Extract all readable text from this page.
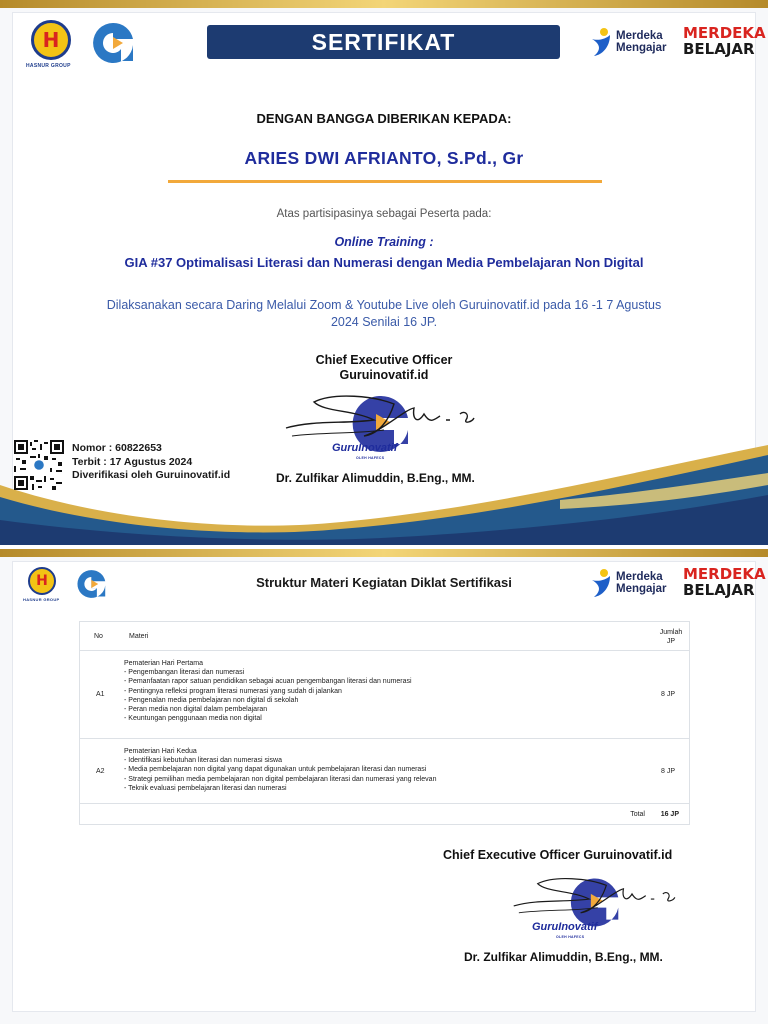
H
HASNUR GROUP
SERTIFIKAT	Merdeka Mengajar
MERDEKA
BELAJAR
DENGAN BANGGA DIBERIKAN KEPADA:
ARIES DWI AFRIANTO, S.Pd., Gr
Atas partisipasinya sebagai Peserta pada:
Online Training :
GIA #37 Optimalisasi Literasi dan Numerasi dengan Media Pembelajaran Non Digital
Dilaksanakan secara Daring Melalui Zoom & Youtube Live oleh Guruinovatif.id pada 16 -1 7 Agustus 2024 Senilai 16 JP.
Chief Executive Officer
Guruinovatif.id
GuruInovatif
OLEH HAFECS
Dr. Zulfikar Alimuddin, B.Eng., MM.
Nomor : 60822653
Terbit : 17 Agustus 2024
Diverifikasi oleh Guruinovatif.id
H
HASNUR GROUP
Merdeka Mengajar
MERDEKA
BELAJAR
Struktur Materi Kegiatan Diklat Sertifikasi
No	Materi
Jumlah
JP
A1
Pematerian Hari Pertama
- Pengembangan literasi dan numerasi
- Pemanfaatan rapor satuan pendidikan sebagai acuan pengembangan literasi dan numerasi
- Pentingnya refleksi program literasi numerasi yang sudah di jalankan
- Pengenalan media pembelajaran non digital di sekolah
- Peran media non digital dalam pembelajaran
- Keuntungan penggunaan media non digital
8 JP
A2
Pematerian Hari Kedua
- Identifikasi kebutuhan literasi dan numerasi siswa
- Media pembelajaran non digital yang dapat digunakan untuk pembelajaran literasi dan numerasi
- Strategi pemilihan media pembelajaran non digital pembelajaran literasi dan numerasi yang relevan
- Teknik evaluasi pembelajaran literasi dan numerasi
8 JP
Total 16 JP
Chief Executive Officer Guruinovatif.id
GuruInovatif
OLEH HAFECS
Dr. Zulfikar Alimuddin, B.Eng., MM.
